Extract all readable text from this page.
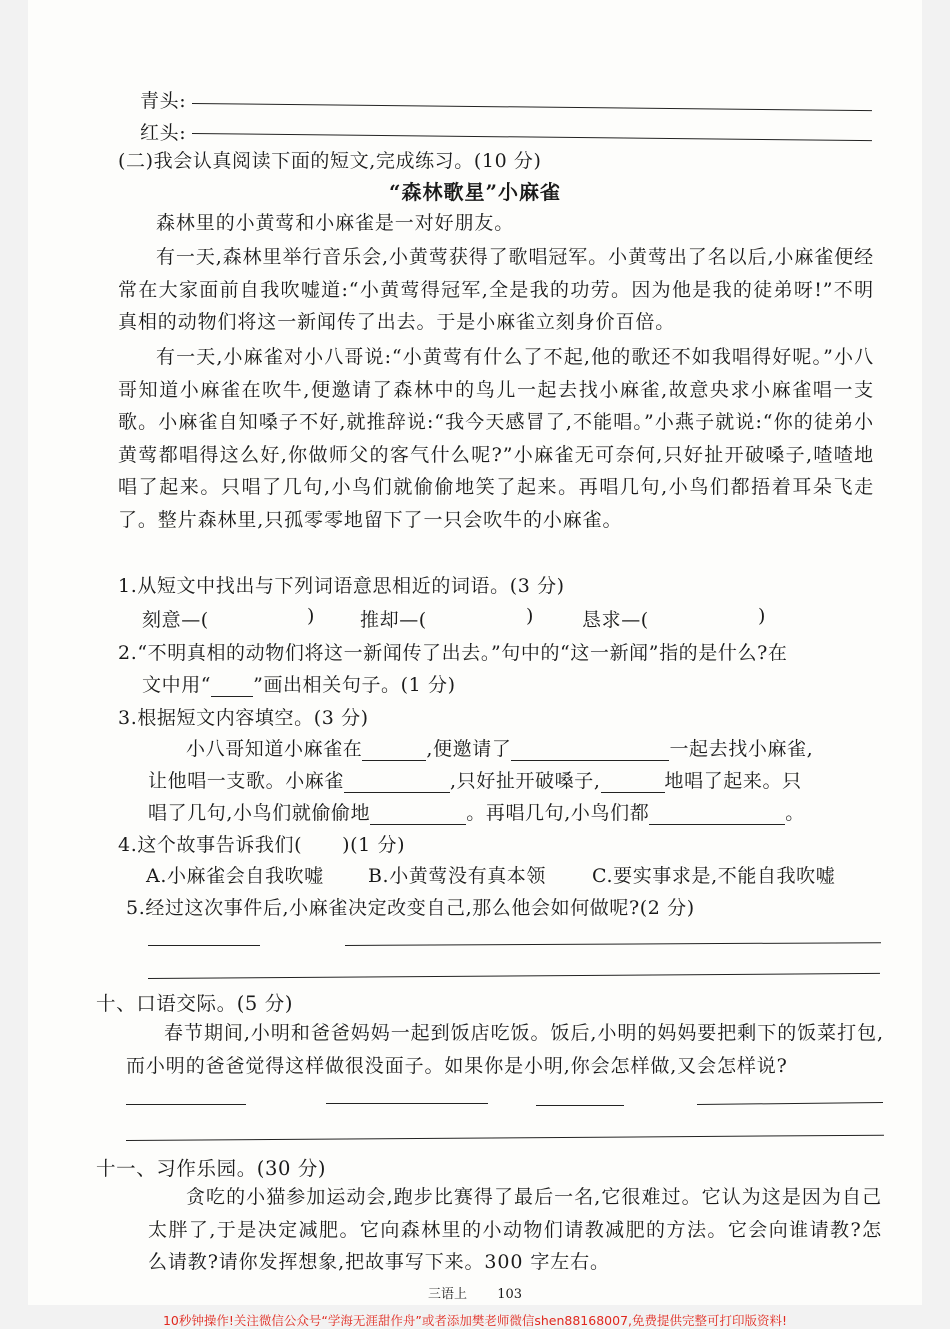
青头:
红头:
(二)我会认真阅读下面的短文,完成练习。(10 分)
“森林歌星”小麻雀
森林里的小黄莺和小麻雀是一对好朋友。
有一天,森林里举行音乐会,小黄莺获得了歌唱冠军。小黄莺出了名以后,小麻雀便经常在大家面前自我吹嘘道:“小黄莺得冠军,全是我的功劳。因为他是我的徒弟呀!”不明真相的动物们将这一新闻传了出去。于是小麻雀立刻身价百倍。
有一天,小麻雀对小八哥说:“小黄莺有什么了不起,他的歌还不如我唱得好呢。”小八哥知道小麻雀在吹牛,便邀请了森林中的鸟儿一起去找小麻雀,故意央求小麻雀唱一支歌。小麻雀自知嗓子不好,就推辞说:“我今天感冒了,不能唱。”小燕子就说:“你的徒弟小黄莺都唱得这么好,你做师父的客气什么呢?”小麻雀无可奈何,只好扯开破嗓子,喳喳地唱了起来。只唱了几句,小鸟们就偷偷地笑了起来。再唱几句,小鸟们都捂着耳朵飞走了。整片森林里,只孤零零地留下了一只会吹牛的小麻雀。
1.从短文中找出与下列词语意思相近的词语。(3 分)
刻意—(	) 推却—(	)	恳求—(	)
2.“不明真相的动物们将这一新闻传了出去。”句中的“这一新闻”指的是什么?在
文中用“ ”画出相关句子。(1 分)
3.根据短文内容填空。(3 分)
小八哥知道小麻雀在	,便邀请了	一起去找小麻雀,
让他唱一支歌。小麻雀	,只好扯开破嗓子,	地唱了起来。只
唱了几句,小鸟们就偷偷地	。再唱几句,小鸟们都	。
4.这个故事告诉我们( )(1 分)
A.小麻雀会自我吹嘘 B.小黄莺没有真本领 C.要实事求是,不能自我吹嘘
5.经过这次事件后,小麻雀决定改变自己,那么他会如何做呢?(2 分)
十、口语交际。(5 分)
春节期间,小明和爸爸妈妈一起到饭店吃饭。饭后,小明的妈妈要把剩下的饭菜打包,而小明的爸爸觉得这样做很没面子。如果你是小明,你会怎样做,又会怎样说?
十一、习作乐园。(30 分)
贪吃的小猫参加运动会,跑步比赛得了最后一名,它很难过。它认为这是因为自己太胖了,于是决定减肥。它向森林里的小动物们请教减肥的方法。它会向谁请教?怎么请教?请你发挥想象,把故事写下来。300 字左右。
三语上 103
10秒钟操作!关注微信公众号“学海无涯甜作舟”或者添加樊老师微信shen88168007,免费提供完整可打印版资料!
